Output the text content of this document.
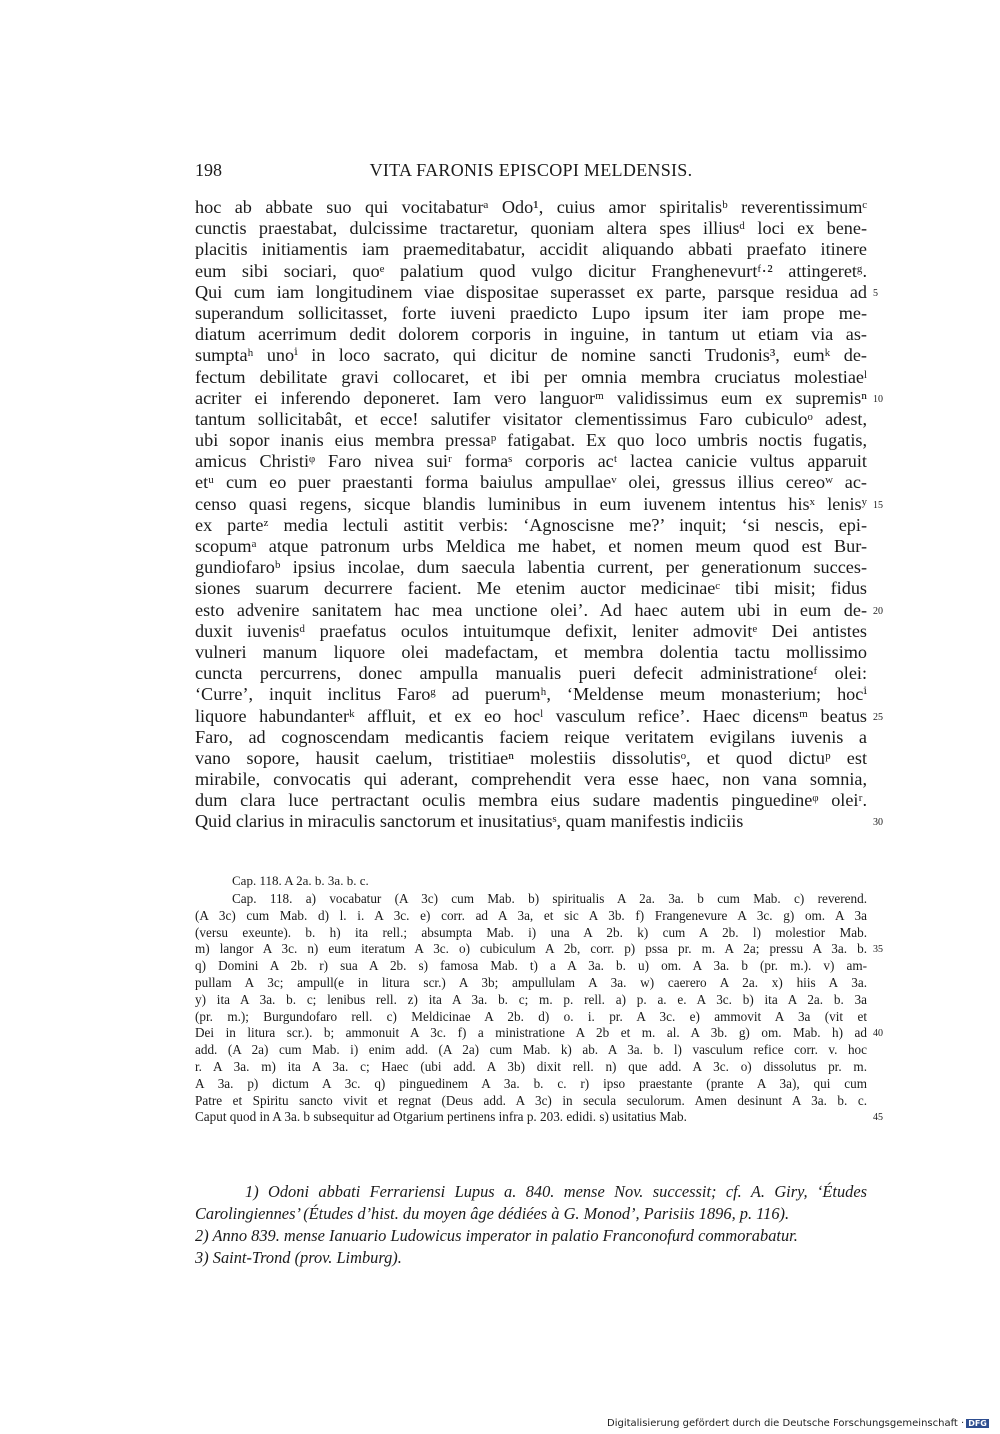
198	VITA FARONIS EPISCOPI MELDENSIS.
hoc ab abbate suo qui vocitabaturᵃ Odo¹, cuius amor spiritalisᵇ reverentissimumᶜ
cunctis praestabat, dulcissime tractaretur, quoniam altera spes illiusᵈ loci ex bene-
placitis initiamentis iam praemeditabatur, accidit aliquando abbati praefato itinere
eum sibi sociari, quoᵉ palatium quod vulgo dicitur Franghenevurtᶠ·² attingeretᵍ.
Qui cum iam longitudinem viae dispositae superasset ex parte, parsque residua ad 5
superandum sollicitasset, forte iuveni praedicto Lupo ipsum iter iam prope me-
diatum acerrimum dedit dolorem corporis in inguine, in tantum ut etiam via as-
sumptaʰ unoⁱ in loco sacrato, qui dicitur de nomine sancti Trudonis³, eumᵏ de-
fectum debilitate gravi collocaret, et ibi per omnia membra cruciatus molestiaeˡ
acriter ei inferendo deponeret. Iam vero languorᵐ validissimus eum ex supremisⁿ 10
tantum sollicitabât, et ecce! salutifer visitator clementissimus Faro cubiculoᵒ adest,
ubi sopor inanis eius membra pressaᵖ fatigabat. Ex quo loco umbris noctis fugatis,
amicus Christiᵠ Faro nivea suiʳ formaˢ corporis acᵗ lactea canicie vultus apparuit
etᵘ cum eo puer praestanti forma baiulus ampullaeᵛ olei, gressus illius cereoʷ ac-
censo quasi regens, sicque blandis luminibus in eum iuvenem intentus hisˣ lenisʸ 15
ex parteᶻ media lectuli astitit verbis: ‘Agnoscisne me?’ inquit; ‘si nescis, epi-
scopumᵃ atque patronum urbs Meldica me habet, et nomen meum quod est Bur-
gundiofaroᵇ ipsius incolae, dum saecula labentia current, per generationum succes-
siones suarum decurrere facient. Me etenim auctor medicinaeᶜ tibi misit; fidus
esto advenire sanitatem hac mea unctione olei’. Ad haec autem ubi in eum de- 20
duxit iuvenisᵈ praefatus oculos intuitumque defixit, leniter admovitᵉ Dei antistes
vulneri manum liquore olei madefactam, et membra dolentia tactu mollissimo
cuncta percurrens, donec ampulla manualis pueri defecit administrationeᶠ olei:
‘Curre’, inquit inclitus Faroᵍ ad puerumʰ, ‘Meldense meum monasterium; hocⁱ
liquore habundanterᵏ affluit, et ex eo hocˡ vasculum refice’. Haec dicensᵐ beatus 25
Faro, ad cognoscendam medicantis faciem reique veritatem evigilans iuvenis a
vano sopore, hausit caelum, tristitiaeⁿ molestiis dissolutisᵒ, et quod dictuᵖ est
mirabile, convocatis qui aderant, comprehendit vera esse haec, non vana somnia,
dum clara luce pertractant oculis membra eius sudare madentis pinguedineᵠ oleiʳ.
Quid clarius in miraculis sanctorum et inusitatiusˢ, quam manifestis indiciis	30
Cap. 118. A 2a. b. 3a. b. c.
Cap. 118. a) vocabatur (A 3c) cum Mab. b) spiritualis A 2a. 3a. b cum Mab. c) reverend.
(A 3c) cum Mab. d) l. i. A 3c. e) corr. ad A 3a, et sic A 3b. f) Frangenevure A 3c. g) om. A 3a
(versu exeunte). b. h) ita rell.; absumpta Mab. i) una A 2b. k) cum A 2b. l) molestior Mab.
m) langor A 3c. n) eum iteratum A 3c. o) cubiculum A 2b, corr. p) pssa pr. m. A 2a; pressu A 3a. b. 35
q) Domini A 2b. r) sua A 2b. s) famosa Mab. t) a A 3a. b. u) om. A 3a. b (pr. m.). v) am-
pullam A 3c; ampull(e in litura scr.) A 3b; ampullulam A 3a. w) caerero A 2a. x) hiis A 3a.
y) ita A 3a. b. c; lenibus rell. z) ita A 3a. b. c; m. p. rell. a) p. a. e. A 3c. b) ita A 2a. b. 3a
(pr. m.); Burgundofaro rell. c) Meldicinae A 2b. d) o. i. pr. A 3c. e) ammovit A 3a (vit et
Dei in litura scr.). b; ammonuit A 3c. f) a ministratione A 2b et m. al. A 3b. g) om. Mab. h) ad 40
add. (A 2a) cum Mab. i) enim add. (A 2a) cum Mab. k) ab. A 3a. b. l) vasculum refice corr. v. hoc
r. A 3a. m) ita A 3a. c; Haec (ubi add. A 3b) dixit rell. n) que add. A 3c. o) dissolutus pr. m.
A 3a. p) dictum A 3c. q) pinguedinem A 3a. b. c. r) ipso praestante (prante A 3a), qui cum
Patre et Spiritu sancto vivit et regnat (Deus add. A 3c) in secula seculorum. Amen desinunt A 3a. b. c.
Caput quod in A 3a. b subsequitur ad Otgarium pertinens infra p. 203. edidi. s) usitatius Mab.	45
1) Odoni abbati Ferrariensi Lupus a. 840. mense Nov. successit; cf. A. Giry, ‘Études
Carolingiennes’ (Études d’hist. du moyen âge dédiées à G. Monod’, Parisiis 1896, p. 116).
2) Anno 839. mense Ianuario Ludowicus imperator in palatio Franconofurd commorabatur.
3) Saint-Trond (prov. Limburg).
Digitalisierung gefördert durch die Deutsche Forschungsgemeinschaft · DFG
